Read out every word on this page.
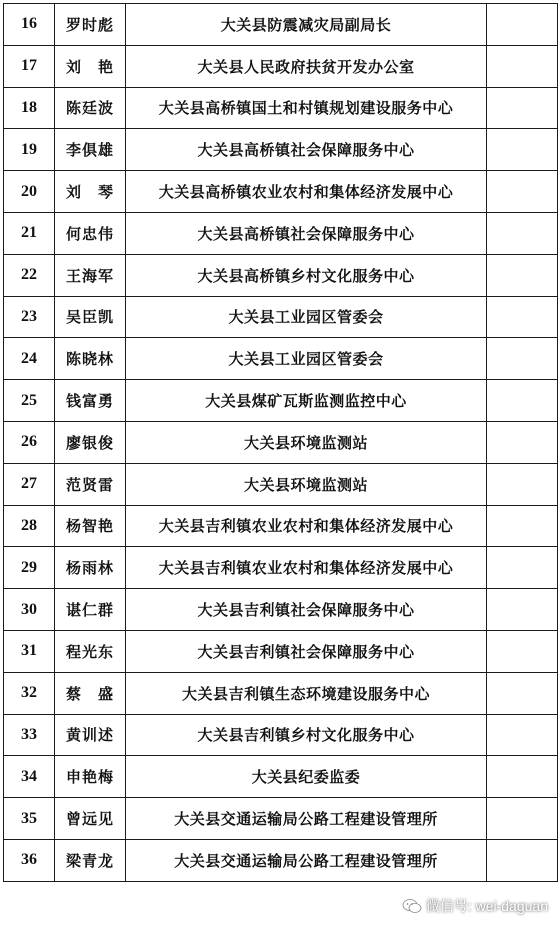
16	罗时彪	大关县防震减灾局副局长	
17	刘　艳	大关县人民政府扶贫开发办公室	
18	陈廷波	大关县高桥镇国土和村镇规划建设服务中心	
19	李俱雄	大关县高桥镇社会保障服务中心	
20	刘　琴	大关县高桥镇农业农村和集体经济发展中心	
21	何忠伟	大关县高桥镇社会保障服务中心	
22	王海军	大关县高桥镇乡村文化服务中心	
23	吴臣凯	大关县工业园区管委会	
24	陈晓林	大关县工业园区管委会	
25	钱富勇	大关县煤矿瓦斯监测监控中心	
26	廖银俊	大关县环境监测站	
27	范贤雷	大关县环境监测站	
28	杨智艳	大关县吉利镇农业农村和集体经济发展中心	
29	杨雨林	大关县吉利镇农业农村和集体经济发展中心	
30	谌仁群	大关县吉利镇社会保障服务中心	
31	程光东	大关县吉利镇社会保障服务中心	
32	蔡　盛	大关县吉利镇生态环境建设服务中心	
33	黄训述	大关县吉利镇乡村文化服务中心	
34	申艳梅	大关县纪委监委	
35	曾远见	大关县交通运输局公路工程建设管理所	
36	梁青龙	大关县交通运输局公路工程建设管理所	
微信号: wei-daguan
